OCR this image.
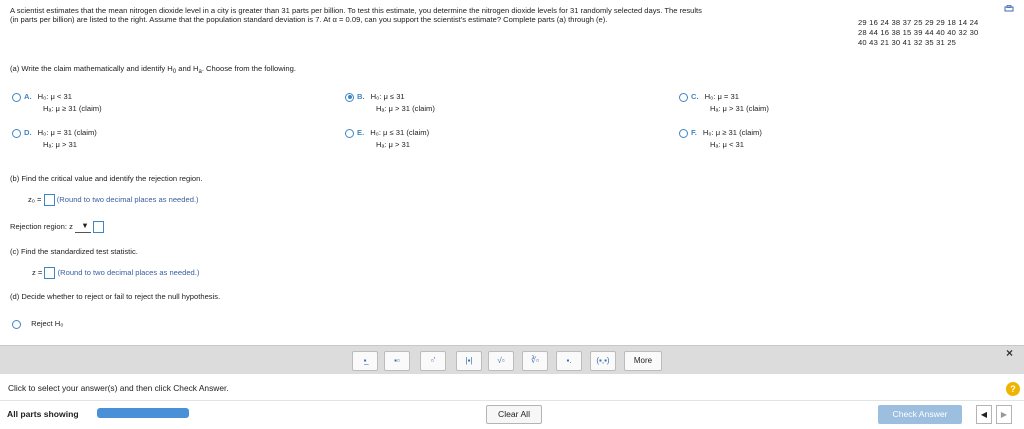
A scientist estimates that the mean nitrogen dioxide level in a city is greater than 31 parts per billion. To test this estimate, you determine the nitrogen dioxide levels for 31 randomly selected days. The results
(in parts per billion) are listed to the right. Assume that the population standard deviation is 7. At α = 0.09, can you support the scientist's estimate? Complete parts (a) through (e).	29 16 24 38 37 25 29 29 18 14 24
28 44 16 38 15 39 44 40 40 32 30
40 43 21 30 41 32 35 31 25
(a) Write the claim mathematically and identify $H_0$ and $H_a$. Choose from the following.
A. H₀: μ < 31
Hₐ: μ ≥ 31 (claim)
B. H₀: μ ≤ 31
Hₐ: μ > 31 (claim)
C. H₀: μ = 31
Hₐ: μ > 31 (claim)
D. H₀: μ = 31 (claim)
Hₐ: μ > 31
E. H₀: μ ≤ 31 (claim)
Hₐ: μ > 31
F. H₀: μ ≥ 31 (claim)
Hₐ: μ < 31
(b) Find the critical value and identify the rejection region.
z₀ = (Round to two decimal places as needed.)
Rejection region: z ▼
(c) Find the standardized test statistic.
z = (Round to two decimal places as needed.)
(d) Decide whether to reject or fail to reject the null hypothesis.
Reject H₀
▪̲	▪▫	▫'	|▪|	√▫	∛▫	▪.	(▪,▪)	More
×
Click to select your answer(s) and then click Check Answer.	?
All parts showing	Clear All	Check Answer	◀	▶
